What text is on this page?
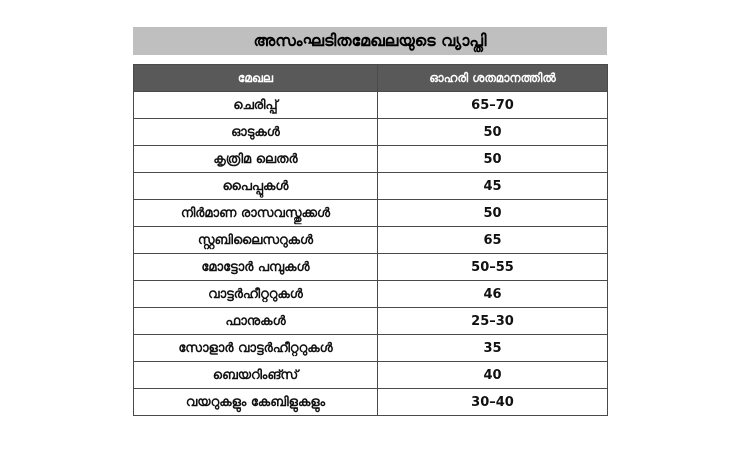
അസംഘടിതമേഖലയുടെ വ്യാപ്തി
മേഖല	ഓഹരി ശതമാനത്തിൽ
ചെരിപ്പ്	65–70
ഓടുകൾ	50
കൃത്രിമ ലെതർ	50
പൈപ്പുകൾ	45
നിർമാണ രാസവസ്തുക്കൾ	50
സ്റ്റബിലൈസറുകൾ	65
മോട്ടോർ പമ്പുകൾ	50–55
വാട്ടർഹീറ്ററുകൾ	46
ഫാനുകൾ	25–30
സോളാർ വാട്ടർഹീറ്ററുകൾ	35
ബെയറിംങ്സ്	40
വയറുകളും കേബിളുകളും	30–40
